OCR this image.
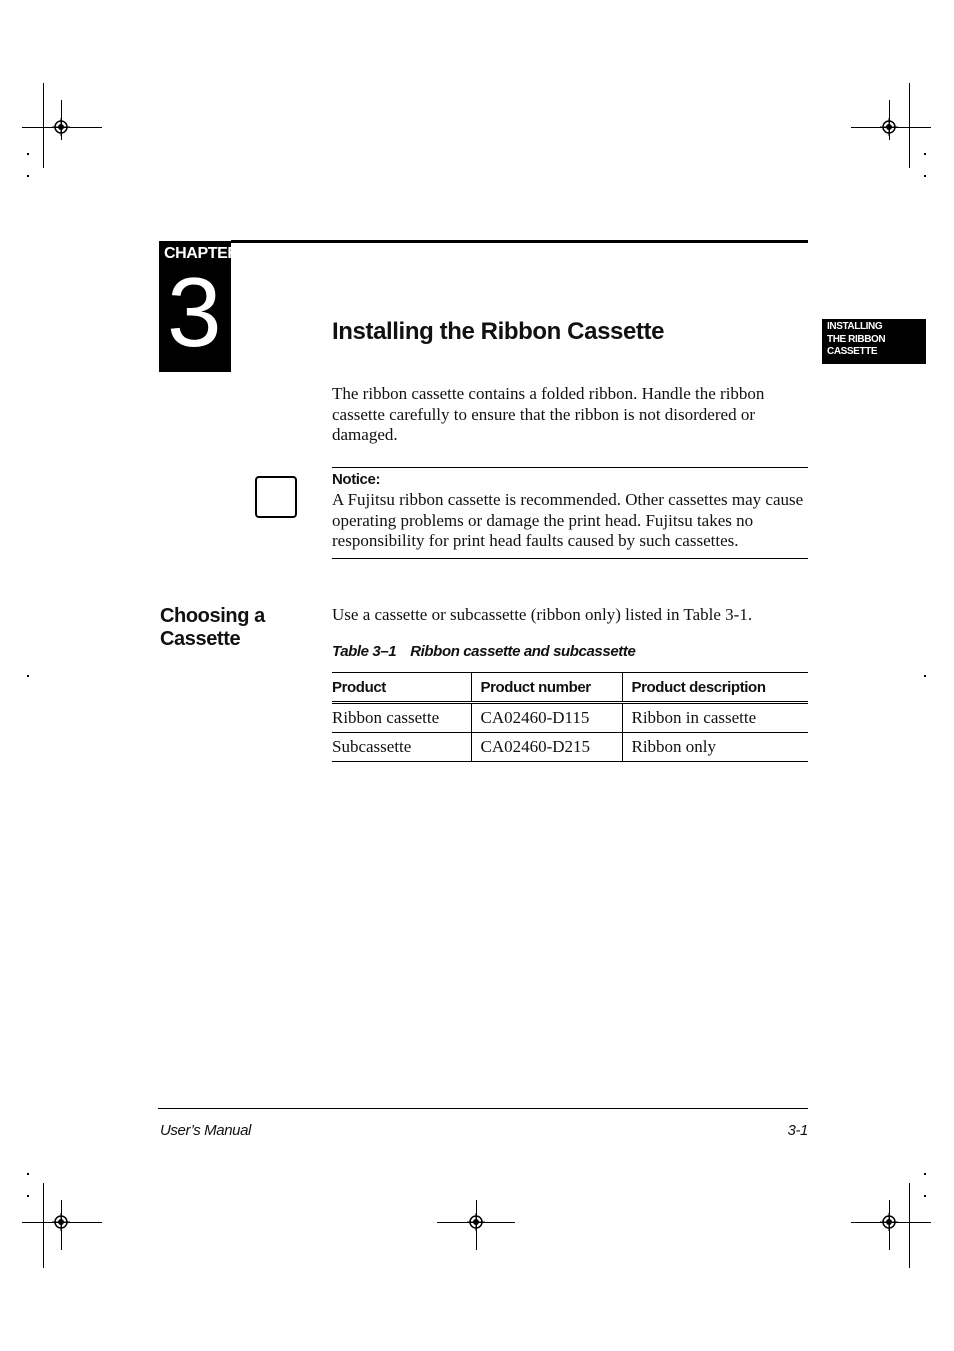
CHAPTER
3	INSTALLING
THE RIBBON
CASSETTE
Installing the Ribbon Cassette
The ribbon cassette contains a folded ribbon. Handle the ribbon cassette carefully to ensure that the ribbon is not disordered or damaged.
Notice:
A Fujitsu ribbon cassette is recommended. Other cassettes may cause operating problems or damage the print head. Fujitsu takes no responsibility for print head faults caused by such cassettes.
Choosing a Cassette
Use a cassette or subcassette (ribbon only) listed in Table 3-1.
Table 3–1 Ribbon cassette and subcassette
Product	Product number	Product description
Ribbon cassette	CA02460-D115	Ribbon in cassette
Subcassette	CA02460-D215	Ribbon only
User’s Manual	3-1
